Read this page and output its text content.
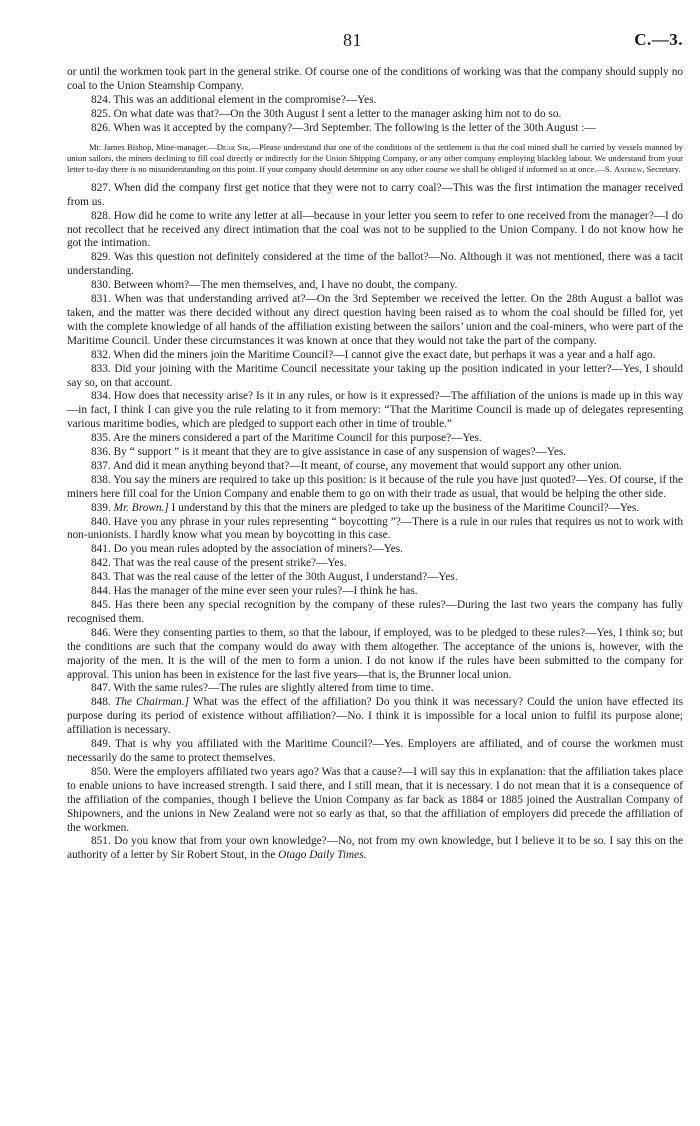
81	C.—3.

or until the workmen took part in the general strike. Of course one of the conditions of working was that the company should supply no coal to the Union Steamship Company.

824. This was an additional element in the compromise?—Yes.

825. On what date was that?—On the 30th August I sent a letter to the manager asking him not to do so.

826. When was it accepted by the company?—3rd September. The following is the letter of the 30th August :—

Mr. James Bishop, Mine-manager.—Dear Sir,—Please understand that one of the conditions of the settlement is that the coal mined shall be carried by vessels manned by union sailors, the miners declining to fill coal directly or indirectly for the Union Shipping Company, or any other company employing blackleg labour. We understand from your letter to-day there is no misunderstanding on this point. If your company should determine on any other course we shall be obliged if informed so at once.—S. Andrew, Secretary.

827. When did the company first get notice that they were not to carry coal?—This was the first intimation the manager received from us.

828. How did he come to write any letter at all—because in your letter you seem to refer to one received from the manager?—I do not recollect that he received any direct intimation that the coal was not to be supplied to the Union Company. I do not know how he got the intimation.

829. Was this question not definitely considered at the time of the ballot?—No. Although it was not mentioned, there was a tacit understanding.

830. Between whom?—The men themselves, and, I have no doubt, the company.

831. When was that understanding arrived at?—On the 3rd September we received the letter. On the 28th August a ballot was taken, and the matter was there decided without any direct question having been raised as to whom the coal should be filled for, yet with the complete knowledge of all hands of the affiliation existing between the sailors’ union and the coal-miners, who were part of the Maritime Council. Under these circumstances it was known at once that they would not take the part of the company.

832. When did the miners join the Maritime Council?—I cannot give the exact date, but perhaps it was a year and a half ago.

833. Did your joining with the Maritime Council necessitate your taking up the position indicated in your letter?—Yes, I should say so, on that account.

834. How does that necessity arise? Is it in any rules, or how is it expressed?—The affiliation of the unions is made up in this way—in fact, I think I can give you the rule relating to it from memory: “That the Maritime Council is made up of delegates representing various maritime bodies, which are pledged to support each other in time of trouble.”

835. Are the miners considered a part of the Maritime Council for this purpose?—Yes.

836. By “ support ” is it meant that they are to give assistance in case of any suspension of wages?—Yes.

837. And did it mean anything beyond that?—It meant, of course, any movement that would support any other union.

838. You say the miners are required to take up this position: is it because of the rule you have just quoted?—Yes. Of course, if the miners here fill coal for the Union Company and enable them to go on with their trade as usual, that would be helping the other side.

839. Mr. Brown.] I understand by this that the miners are pledged to take up the business of the Maritime Council?—Yes.

840. Have you any phrase in your rules representing “ boycotting ”?—There is a rule in our rules that requires us not to work with non-unionists. I hardly know what you mean by boycotting in this case.

841. Do you mean rules adopted by the association of miners?—Yes.

842. That was the real cause of the present strike?—Yes.

843. That was the real cause of the letter of the 30th August, I understand?—Yes.

844. Has the manager of the mine ever seen your rules?—I think he has.

845. Has there been any special recognition by the company of these rules?—During the last two years the company has fully recognised them.

846. Were they consenting parties to them, so that the labour, if employed, was to be pledged to these rules?—Yes, I think so; but the conditions are such that the company would do away with them altogether. The acceptance of the unions is, however, with the majority of the men. It is the will of the men to form a union. I do not know if the rules have been submitted to the company for approval. This union has been in existence for the last five years—that is, the Brunner local union.

847. With the same rules?—The rules are slightly altered from time to time.

848. The Chairman.] What was the effect of the affiliation? Do you think it was necessary? Could the union have effected its purpose during its period of existence without affiliation?—No. I think it is impossible for a local union to fulfil its purpose alone; affiliation is necessary.

849. That is why you affiliated with the Maritime Council?—Yes. Employers are affiliated, and of course the workmen must necessarily do the same to protect themselves.

850. Were the employers affiliated two years ago? Was that a cause?—I will say this in explanation: that the affiliation takes place to enable unions to have increased strength. I said there, and I still mean, that it is necessary. I do not mean that it is a consequence of the affiliation of the companies, though I believe the Union Company as far back as 1884 or 1885 joined the Australian Company of Shipowners, and the unions in New Zealand were not so early as that, so that the affiliation of employers did precede the affiliation of the workmen.

851. Do you know that from your own knowledge?—No, not from my own knowledge, but I believe it to be so. I say this on the authority of a letter by Sir Robert Stout, in the Otago Daily Times.
